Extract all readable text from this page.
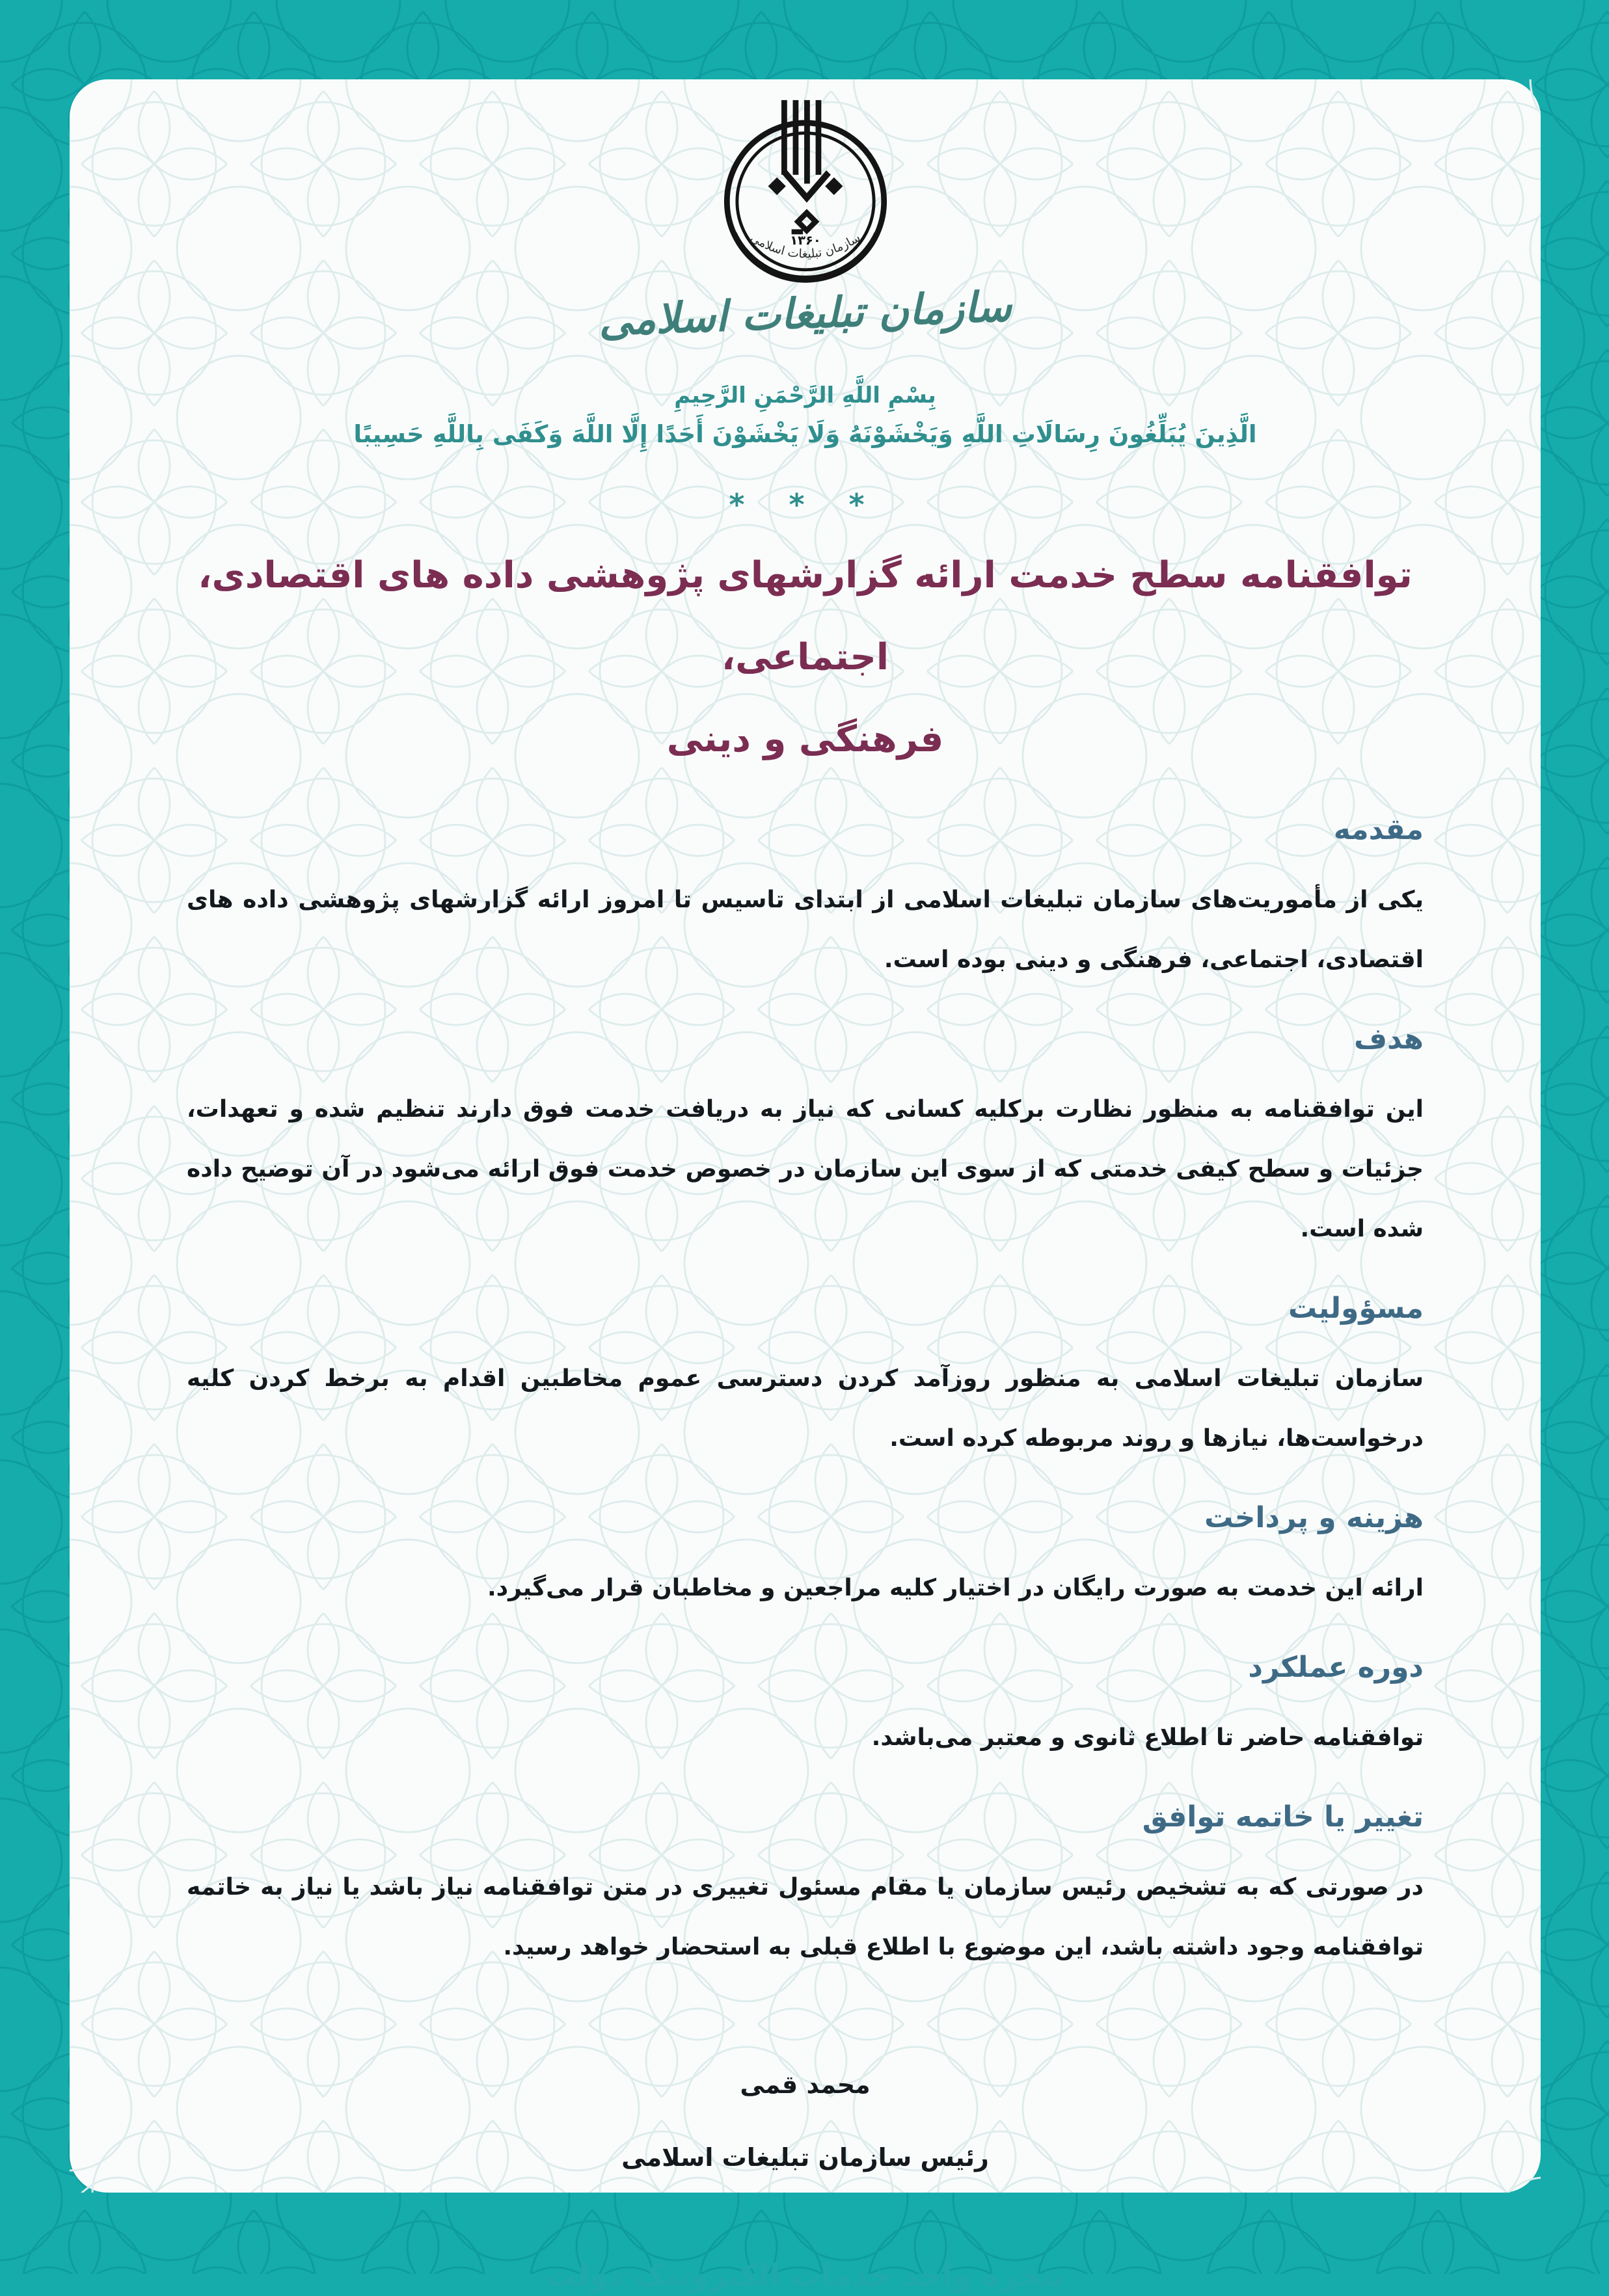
۱۳۶۰
سازمان تبلیغات اسلامی
سازمان تبلیغات اسلامی
بِسْمِ اللَّهِ الرَّحْمَنِ الرَّحِيمِ
الَّذِينَ يُبَلِّغُونَ رِسَالَاتِ اللَّهِ وَيَخْشَوْنَهُ وَلَا يَخْشَوْنَ أَحَدًا إِلَّا اللَّهَ وَكَفَى بِاللَّهِ حَسِيبًا
* * *
توافقنامه سطح خدمت ارائه گزارشهای پژوهشی داده های اقتصادی، اجتماعی،
فرهنگی و دینی
مقدمه

یکی از مأموریت‌های سازمان تبلیغات اسلامی از ابتدای تاسیس تا امروز ارائه گزارشهای پژوهشی داده های اقتصادی، اجتماعی، فرهنگی و دینی بوده است.

هدف

این توافقنامه به منظور نظارت برکلیه کسانی که نیاز به دریافت خدمت فوق دارند تنظیم شده و تعهدات، جزئیات و سطح کیفی خدمتی که از سوی این سازمان در خصوص خدمت فوق ارائه می‌شود در آن توضیح داده شده است.

مسؤولیت

سازمان تبلیغات اسلامی به منظور روزآمد کردن دسترسی عموم مخاطبین اقدام به برخط کردن کلیه درخواست‌ها، نیازها و روند مربوطه کرده است.

هزینه و پرداخت

ارائه این خدمت به صورت رایگان در اختیار کلیه مراجعین و مخاطبان قرار می‌گیرد.

دوره عملکرد

توافقنامه حاضر تا اطلاع ثانوی و معتبر می‌باشد.

تغییر یا خاتمه توافق

در صورتی که به تشخیص رئیس سازمان یا مقام مسئول تغییری در متن توافقنامه نیاز باشد یا نیاز به خاتمه توافقنامه وجود داشته باشد، این موضوع با اطلاع قبلی به استحضار خواهد رسید.

محمد قمی
رئیس سازمان تبلیغات اسلامی
پنجره واحد خدمات الکترونیک دولت
